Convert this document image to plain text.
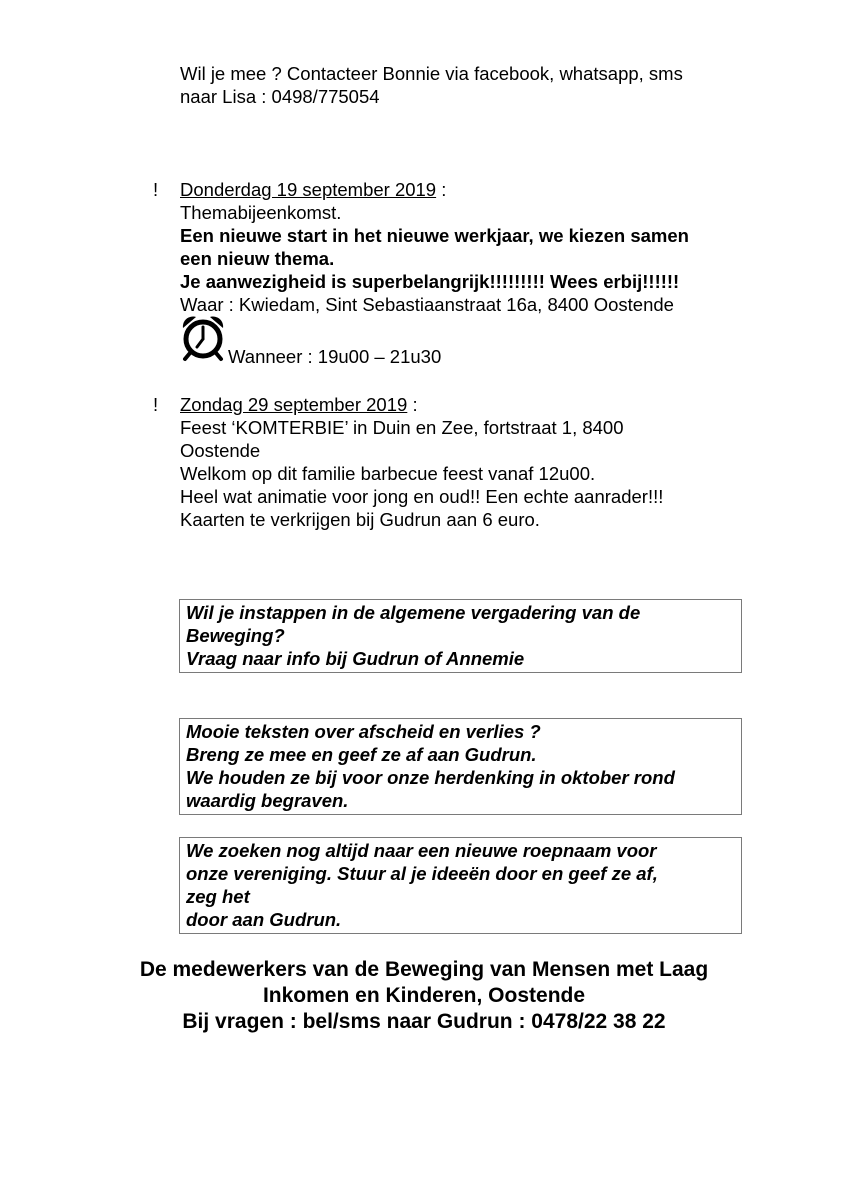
Wil je mee ? Contacteer Bonnie via facebook, whatsapp, sms
naar Lisa : 0498/775054
! Donderdag 19 september 2019 :
Themabijeenkomst.
Een nieuwe start in het nieuwe werkjaar, we kiezen samen
een nieuw thema.
Je aanwezigheid is superbelangrijk!!!!!!!!! Wees erbij!!!!!!
Waar : Kwiedam, Sint Sebastiaanstraat 16a, 8400 Oostende
Wanneer : 19u00 – 21u30
! Zondag 29 september 2019 :
Feest ‘KOMTERBIE’ in Duin en Zee, fortstraat 1, 8400
Oostende
Welkom op dit familie barbecue feest vanaf 12u00.
Heel wat animatie voor jong en oud!! Een echte aanrader!!!
Kaarten te verkrijgen bij Gudrun aan 6 euro.
Wil je instappen in de algemene vergadering van de
Beweging?
Vraag naar info bij Gudrun of Annemie
Mooie teksten over afscheid en verlies ?
Breng ze mee en geef ze af aan Gudrun.
We houden ze bij voor onze herdenking in oktober rond
waardig begraven.
We zoeken nog altijd naar een nieuwe roepnaam voor
onze vereniging. Stuur al je ideeën door en geef ze af,
zeg het
door aan Gudrun.
De medewerkers van de Beweging van Mensen met Laag
Inkomen en Kinderen, Oostende
Bij vragen : bel/sms naar Gudrun : 0478/22 38 22
